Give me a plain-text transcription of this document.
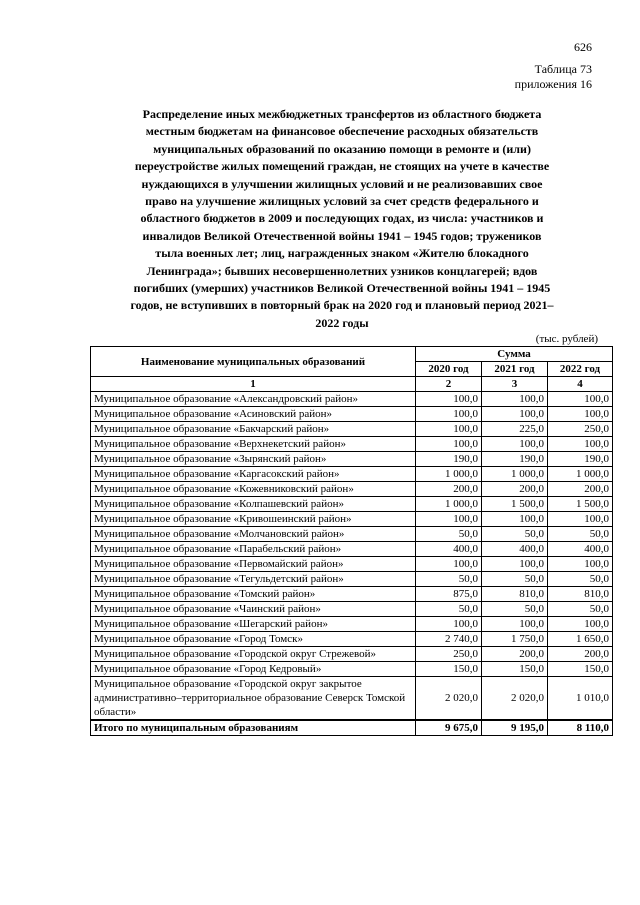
626
Таблица 73
приложения 16
Распределение иных межбюджетных трансфертов из областного бюджета
местным бюджетам на финансовое обеспечение расходных обязательств
муниципальных образований по оказанию помощи в ремонте и (или)
переустройстве жилых помещений граждан, не стоящих на учете в качестве
нуждающихся в улучшении жилищных условий и не реализовавших свое
право на улучшение жилищных условий за счет средств федерального и
областного бюджетов в 2009 и последующих годах, из числа: участников и
инвалидов Великой Отечественной войны 1941 – 1945 годов; тружеников
тыла военных лет; лиц, награжденных знаком «Жителю блокадного
Ленинграда»; бывших несовершеннолетних узников концлагерей; вдов
погибших (умерших) участников Великой Отечественной войны 1941 – 1945
годов, не вступивших в повторный брак на 2020 год и плановый период 2021–
2022 годы
(тыс. рублей)
Наименование муниципальных образований	Сумма		
	2020 год	2021 год	2022 год
1	2	3	4
Муниципальное образование «Александровский район»	100,0	100,0	100,0
Муниципальное образование «Асиновский район»	100,0	100,0	100,0
Муниципальное образование «Бакчарский район»	100,0	225,0	250,0
Муниципальное образование «Верхнекетский район»	100,0	100,0	100,0
Муниципальное образование «Зырянский район»	190,0	190,0	190,0
Муниципальное образование «Каргасокский район»	1 000,0	1 000,0	1 000,0
Муниципальное образование «Кожевниковский район»	200,0	200,0	200,0
Муниципальное образование «Колпашевский район»	1 000,0	1 500,0	1 500,0
Муниципальное образование «Кривошеинский район»	100,0	100,0	100,0
Муниципальное образование «Молчановский район»	50,0	50,0	50,0
Муниципальное образование «Парабельский район»	400,0	400,0	400,0
Муниципальное образование «Первомайский район»	100,0	100,0	100,0
Муниципальное образование «Тегульдетский район»	50,0	50,0	50,0
Муниципальное образование «Томский район»	875,0	810,0	810,0
Муниципальное образование «Чаинский район»	50,0	50,0	50,0
Муниципальное образование «Шегарский район»	100,0	100,0	100,0
Муниципальное образование «Город Томск»	2 740,0	1 750,0	1 650,0
Муниципальное образование «Городской округ Стрежевой»	250,0	200,0	200,0
Муниципальное образование «Город Кедровый»	150,0	150,0	150,0
Муниципальное образование «Городской округ закрытое административно–территориальное образование Северск Томской области»	2 020,0	2 020,0	1 010,0
Итого по муниципальным образованиям	9 675,0	9 195,0	8 110,0
